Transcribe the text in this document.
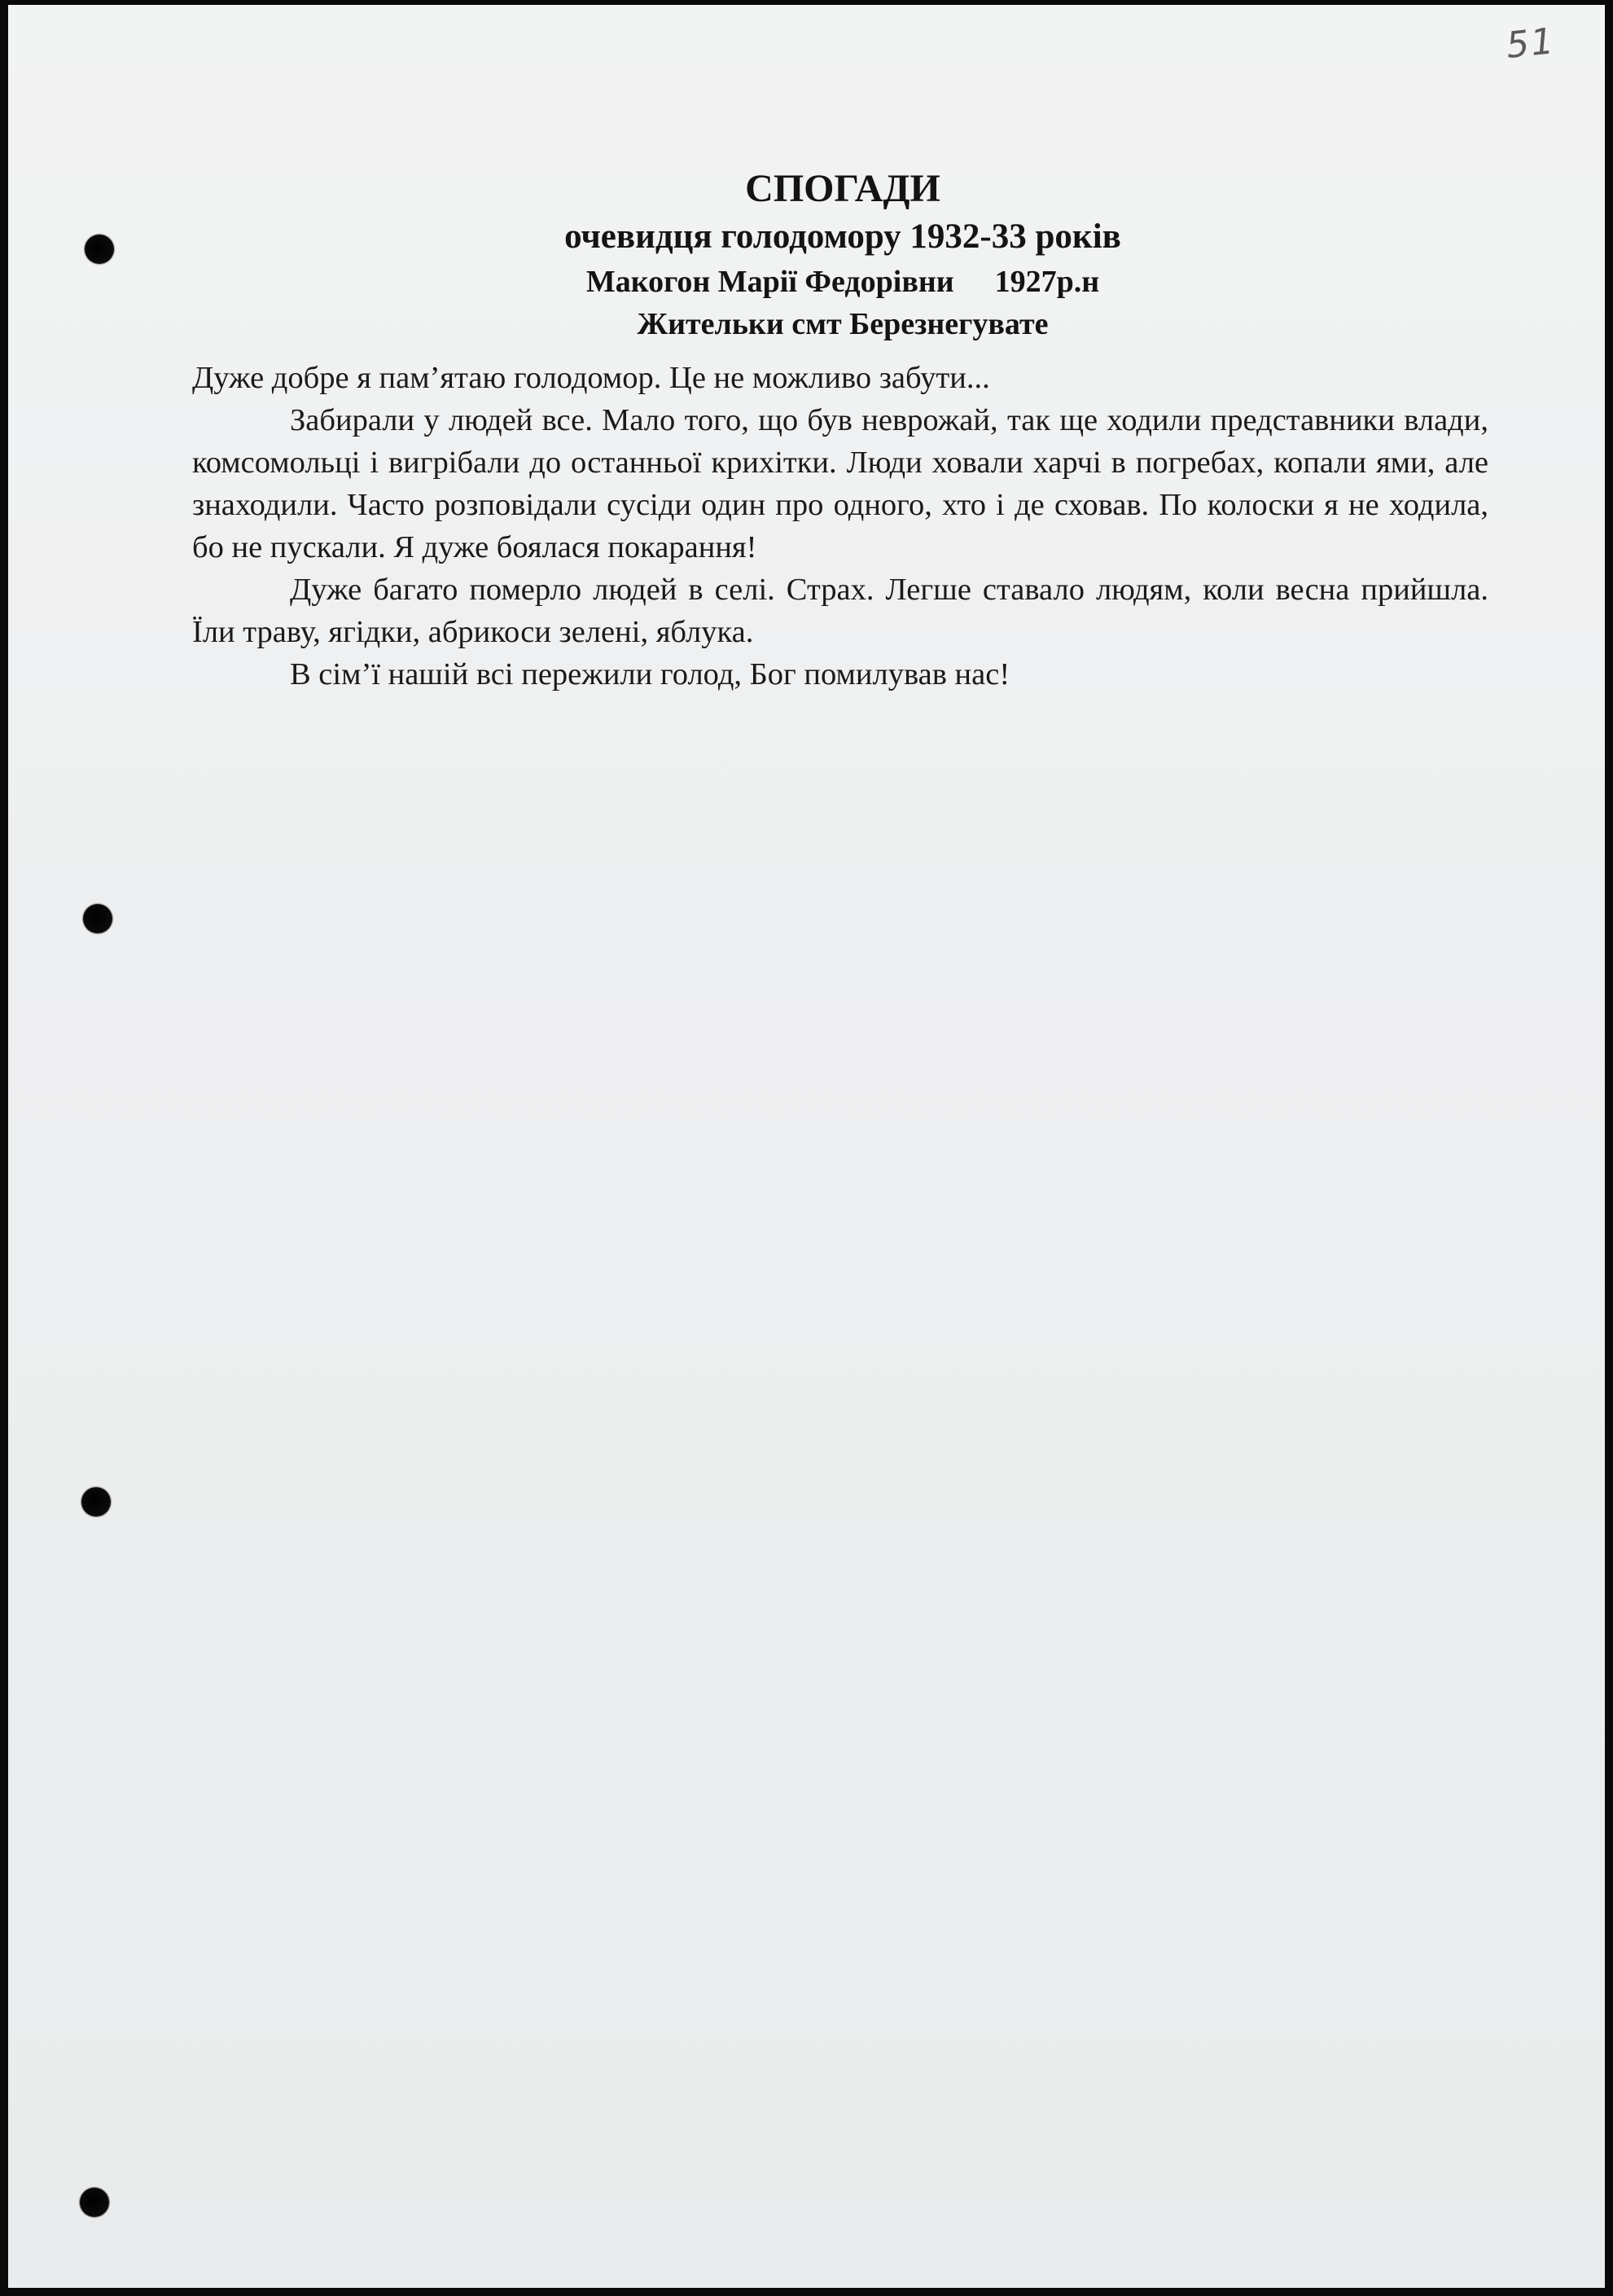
51
СПОГАДИ
очевидця голодомору 1932-33 років
Макогон Марії Федорівни 1927р.н
Жительки смт Березнегувате

Дуже добре я пам’ятаю голодомор. Це не можливо забути...

Забирали у людей все. Мало того, що був неврожай, так ще ходили представники влади, комсомольці і вигрібали до останньої крихітки. Люди ховали харчі в погребах, копали ями, але знаходили. Часто розповідали сусіди один про одного, хто і де сховав. По колоски я не ходила, бо не пускали. Я дуже боялася покарання!

Дуже багато померло людей в селі. Страх. Легше ставало людям, коли весна прийшла. Їли траву, ягідки, абрикоси зелені, яблука.

В сім’ї нашій всі пережили голод, Бог помилував нас!
